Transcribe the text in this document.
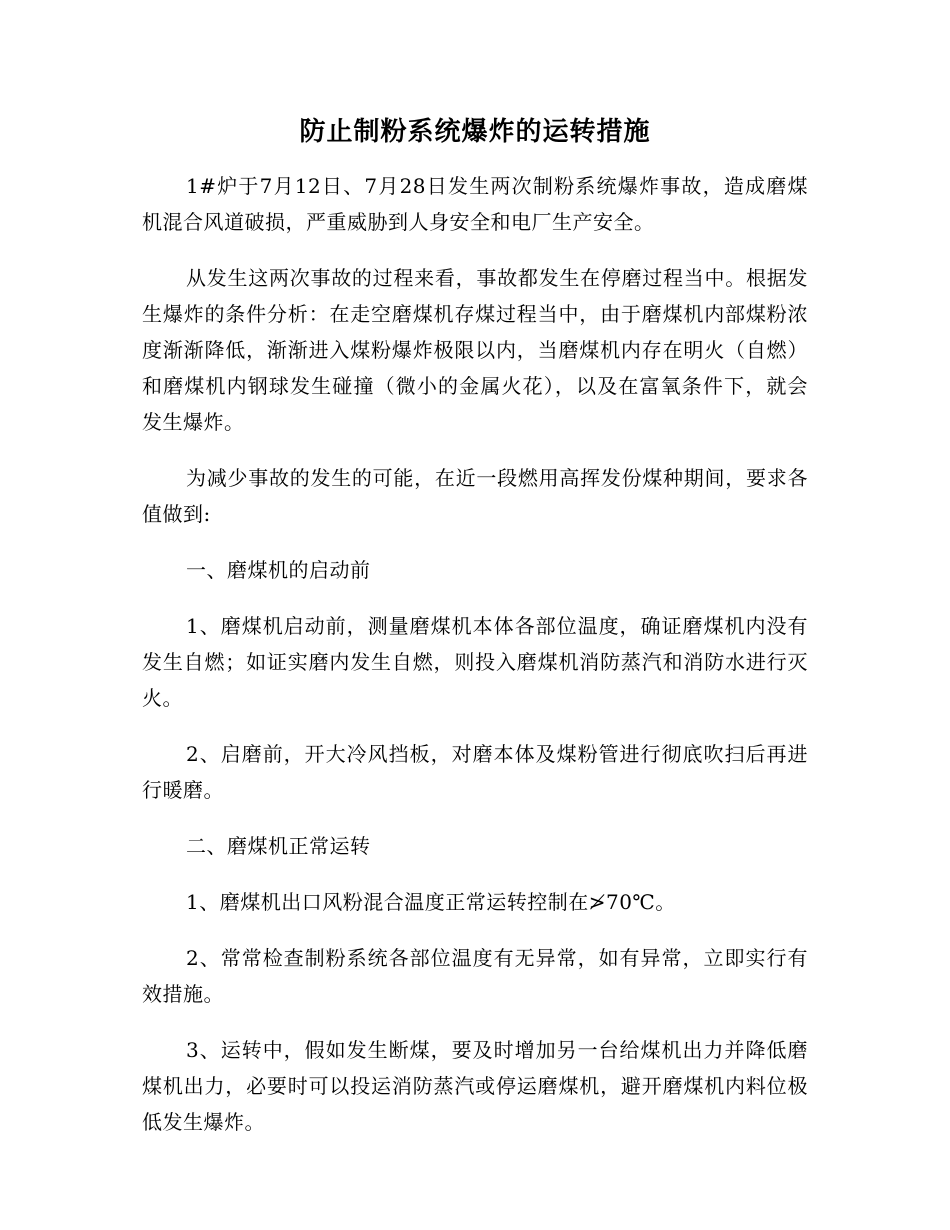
防止制粉系统爆炸的运转措施

1#炉于7月12日、7月28日发生两次制粉系统爆炸事故，造成磨煤机混合风道破损，严重威胁到人身安全和电厂生产安全。

从发生这两次事故的过程来看，事故都发生在停磨过程当中。根据发生爆炸的条件分析：在走空磨煤机存煤过程当中，由于磨煤机内部煤粉浓度渐渐降低，渐渐进入煤粉爆炸极限以内，当磨煤机内存在明火（自燃）和磨煤机内钢球发生碰撞（微小的金属火花），以及在富氧条件下，就会发生爆炸。

为减少事故的发生的可能，在近一段燃用高挥发份煤种期间，要求各值做到:

一、磨煤机的启动前

1、磨煤机启动前，测量磨煤机本体各部位温度，确证磨煤机内没有发生自燃；如证实磨内发生自燃，则投入磨煤机消防蒸汽和消防水进行灭火。

2、启磨前，开大冷风挡板，对磨本体及煤粉管进行彻底吹扫后再进行暖磨。

二、磨煤机正常运转

1、磨煤机出口风粉混合温度正常运转控制在≯70℃。

2、常常检查制粉系统各部位温度有无异常，如有异常，立即实行有效措施。

3、运转中，假如发生断煤，要及时增加另一台给煤机出力并降低磨煤机出力，必要时可以投运消防蒸汽或停运磨煤机，避开磨煤机内料位极低发生爆炸。
